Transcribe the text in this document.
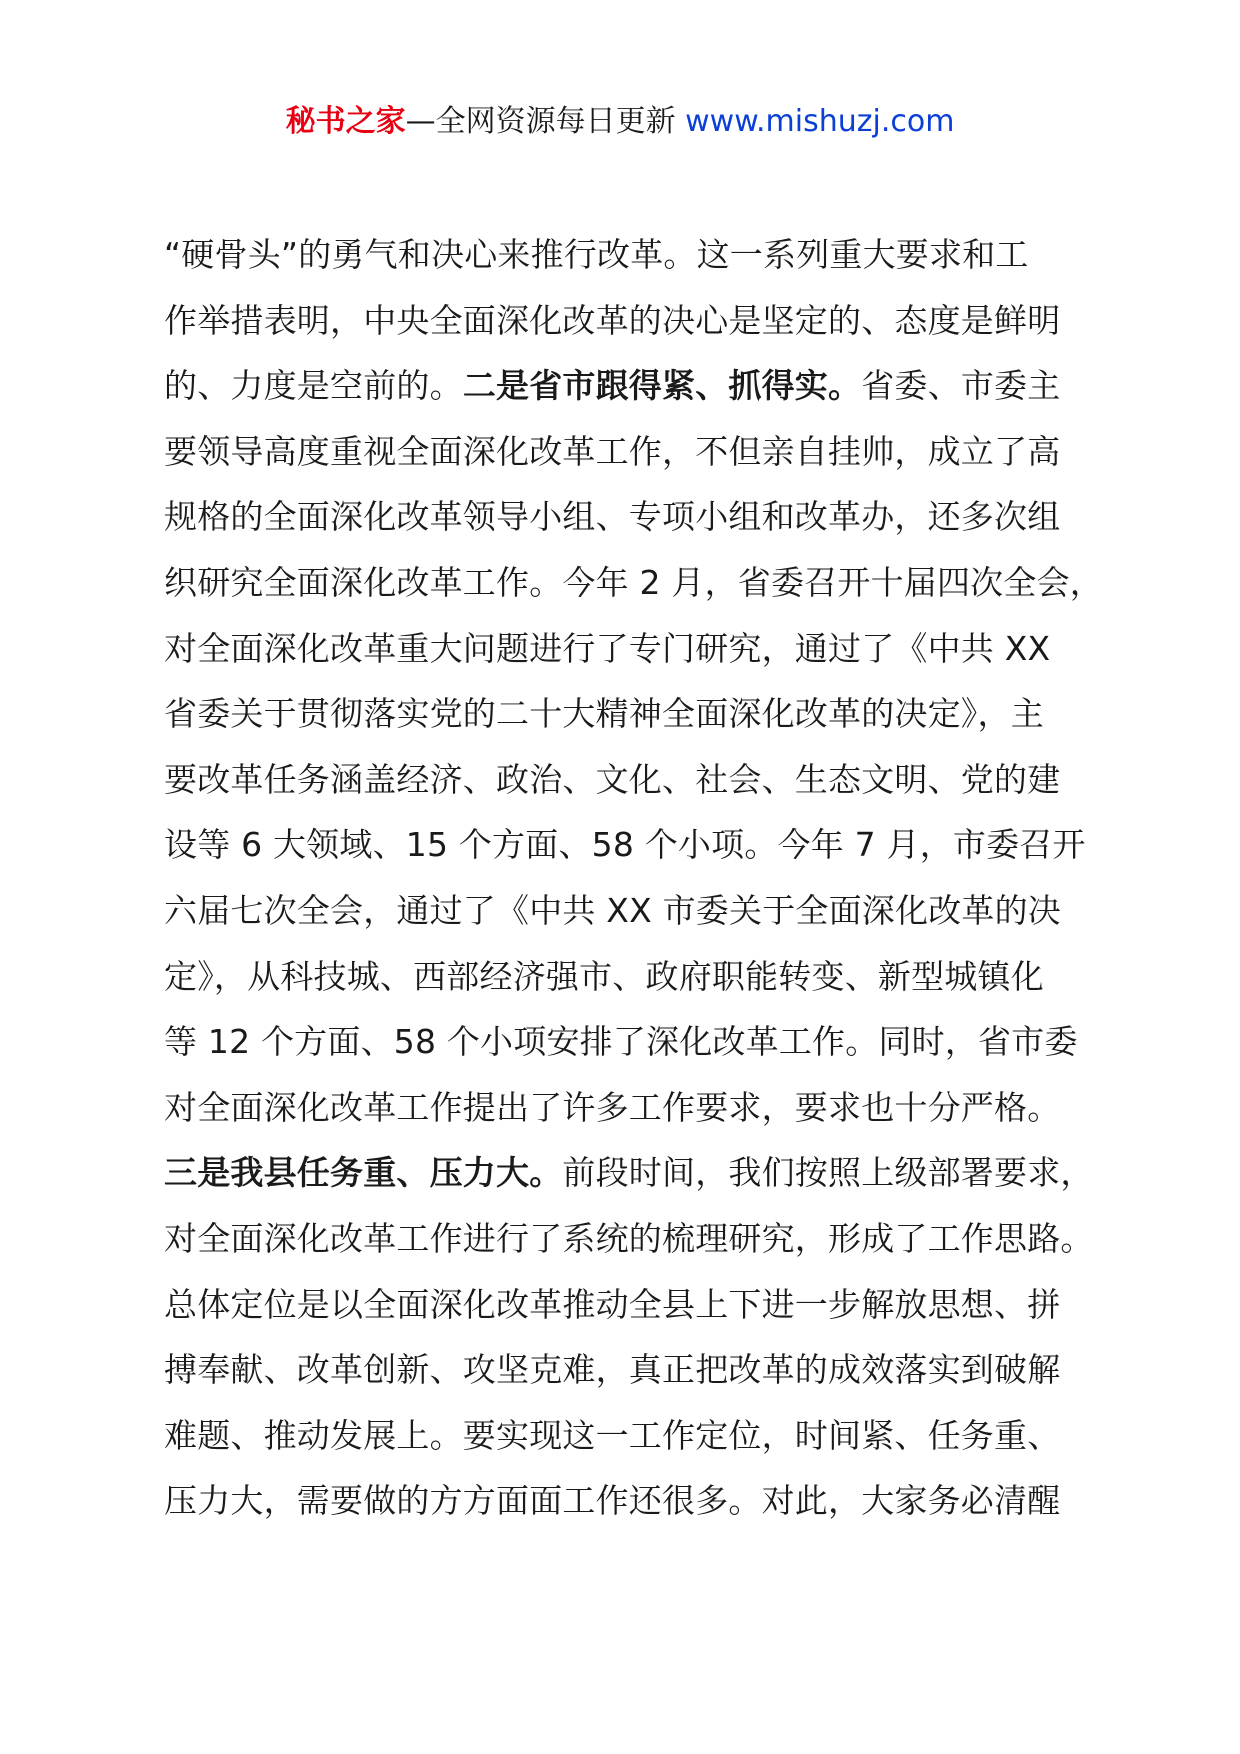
秘书之家—全网资源每日更新 www.mishuzj.com
“硬骨头”的勇气和决心来推行改革。这一系列重大要求和工
作举措表明，中央全面深化改革的决心是坚定的、态度是鲜明
的、力度是空前的。二是省市跟得紧、抓得实。省委、市委主
要领导高度重视全面深化改革工作，不但亲自挂帅，成立了高
规格的全面深化改革领导小组、专项小组和改革办，还多次组
织研究全面深化改革工作。今年 2 月，省委召开十届四次全会，
对全面深化改革重大问题进行了专门研究，通过了《中共 XX
省委关于贯彻落实党的二十大精神全面深化改革的决定》，主
要改革任务涵盖经济、政治、文化、社会、生态文明、党的建
设等 6 大领域、15 个方面、58 个小项。今年 7 月，市委召开
六届七次全会，通过了《中共 XX 市委关于全面深化改革的决
定》，从科技城、西部经济强市、政府职能转变、新型城镇化
等 12 个方面、58 个小项安排了深化改革工作。同时，省市委
对全面深化改革工作提出了许多工作要求，要求也十分严格。
三是我县任务重、压力大。前段时间，我们按照上级部署要求，
对全面深化改革工作进行了系统的梳理研究，形成了工作思路。
总体定位是以全面深化改革推动全县上下进一步解放思想、拼
搏奉献、改革创新、攻坚克难，真正把改革的成效落实到破解
难题、推动发展上。要实现这一工作定位，时间紧、任务重、
压力大，需要做的方方面面工作还很多。对此，大家务必清醒
